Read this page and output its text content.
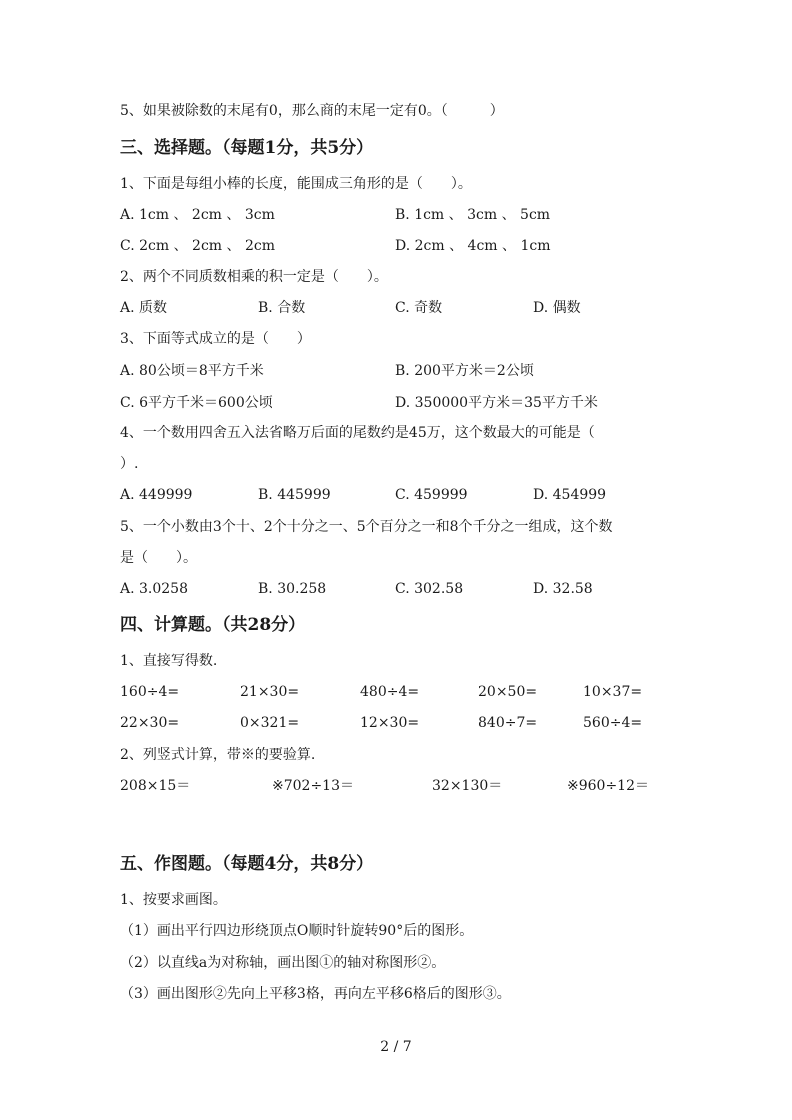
5、如果被除数的末尾有0，那么商的末尾一定有0。（　　　）
三、选择题。（每题1分，共5分）
1、下面是每组小棒的长度，能围成三角形的是（　　）。
A. 1cm 、 2cm 、 3cm	B. 1cm 、 3cm 、 5cm
C. 2cm 、 2cm 、 2cm	D. 2cm 、 4cm 、 1cm
2、两个不同质数相乘的积一定是（　　）。
A. 质数	B. 合数	C. 奇数	D. 偶数
3、下面等式成立的是（　　）
A. 80公顷＝8平方千米	B. 200平方米＝2公顷
C. 6平方千米＝600公顷	D. 350000平方米＝35平方千米
4、一个数用四舍五入法省略万后面的尾数约是45万，这个数最大的可能是（
）.
A. 449999	B. 445999	C. 459999	D. 454999
5、一个小数由3个十、2个十分之一、5个百分之一和8个千分之一组成，这个数
是（　　）。
A. 3.0258	B. 30.258	C. 302.58	D. 32.58
四、计算题。（共28分）
1、直接写得数.
160÷4=	21×30=	480÷4=	20×50=	10×37=
22×30=	0×321=	12×30=	840÷7=	560÷4=
2、列竖式计算，带※的要验算.
208×15＝	※702÷13＝	32×130＝	※960÷12＝
五、作图题。（每题4分，共8分）
1、按要求画图。
（1）画出平行四边形绕顶点O顺时针旋转90°后的图形。
（2）以直线a为对称轴，画出图①的轴对称图形②。
（3）画出图形②先向上平移3格，再向左平移6格后的图形③。
2 / 7
